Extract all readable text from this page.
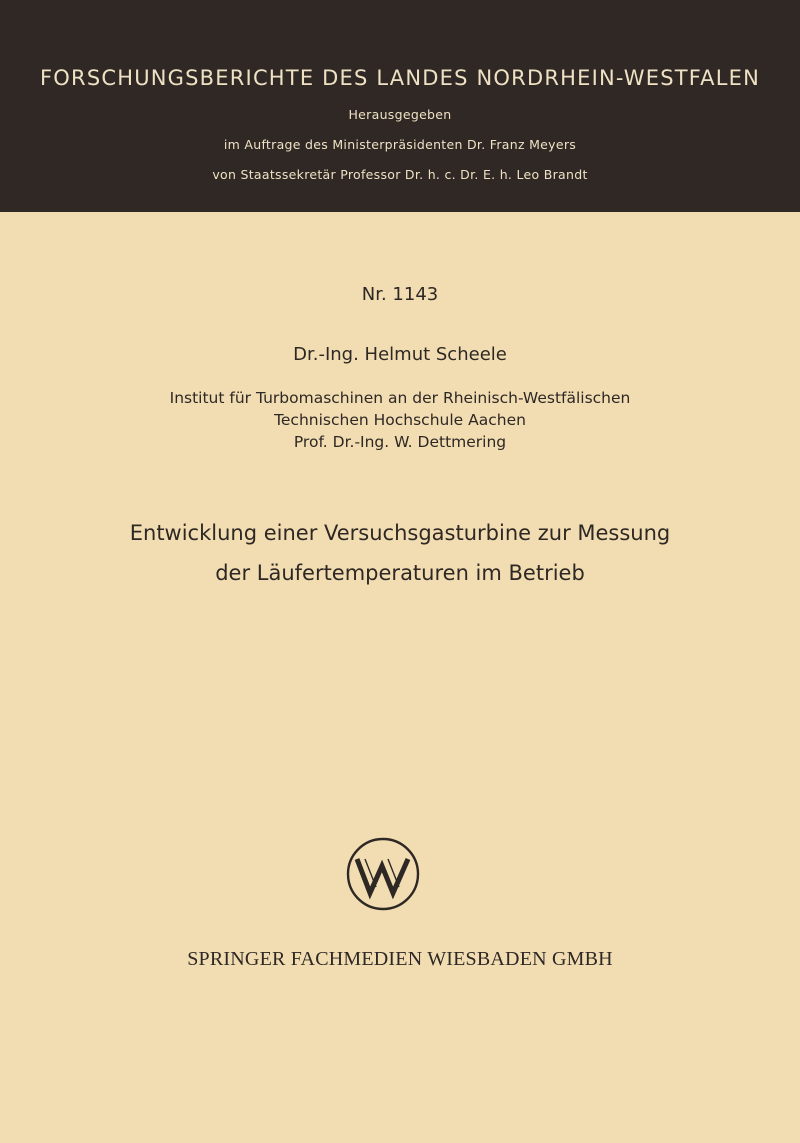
FORSCHUNGSBERICHTE DES LANDES NORDRHEIN-WESTFALEN
Herausgegeben
im Auftrage des Ministerpräsidenten Dr. Franz Meyers
von Staatssekretär Professor Dr. h. c. Dr. E. h. Leo Brandt
Nr. 1143
Dr.-Ing. Helmut Scheele
Institut für Turbomaschinen an der Rheinisch-Westfälischen
Technischen Hochschule Aachen
Prof. Dr.-Ing. W. Dettmering
Entwicklung einer Versuchsgasturbine zur Messung
der Läufertemperaturen im Betrieb
SPRINGER FACHMEDIEN WIESBADEN GMBH
